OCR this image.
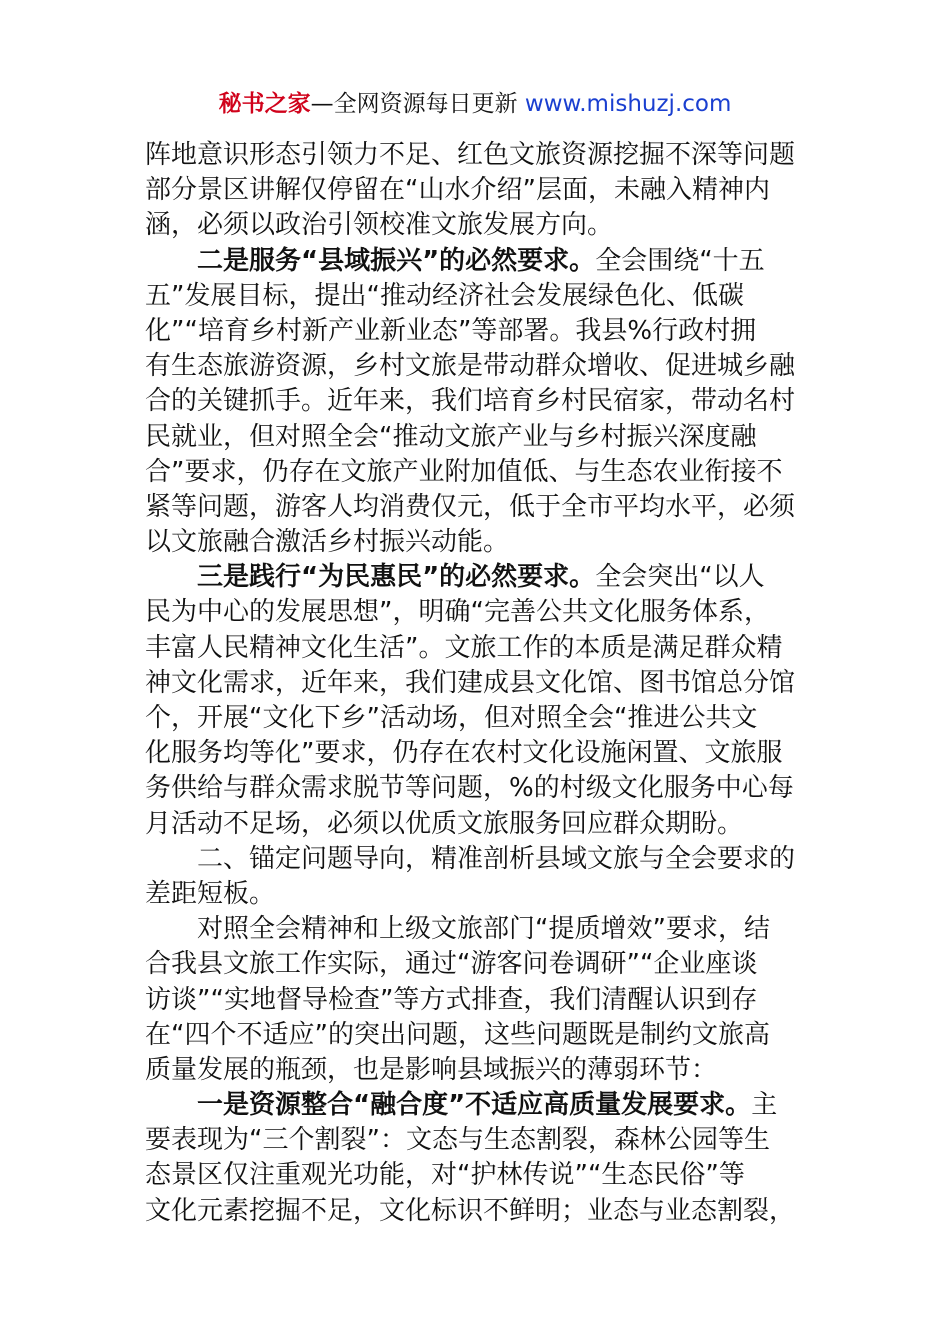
秘书之家—全网资源每日更新 www.mishuzj.com
阵地意识形态引领力不足、红色文旅资源挖掘不深等问题
部分景区讲解仅停留在“山水介绍”层面，未融入精神内
涵，必须以政治引领校准文旅发展方向。
　　二是服务“县域振兴”的必然要求。全会围绕“十五
五”发展目标，提出“推动经济社会发展绿色化、低碳
化”“培育乡村新产业新业态”等部署。我县%行政村拥
有生态旅游资源，乡村文旅是带动群众增收、促进城乡融
合的关键抓手。近年来，我们培育乡村民宿家，带动名村
民就业，但对照全会“推动文旅产业与乡村振兴深度融
合”要求，仍存在文旅产业附加值低、与生态农业衔接不
紧等问题，游客人均消费仅元，低于全市平均水平，必须
以文旅融合激活乡村振兴动能。
　　三是践行“为民惠民”的必然要求。全会突出“以人
民为中心的发展思想”，明确“完善公共文化服务体系，
丰富人民精神文化生活”。文旅工作的本质是满足群众精
神文化需求，近年来，我们建成县文化馆、图书馆总分馆
个，开展“文化下乡”活动场，但对照全会“推进公共文
化服务均等化”要求，仍存在农村文化设施闲置、文旅服
务供给与群众需求脱节等问题，%的村级文化服务中心每
月活动不足场，必须以优质文旅服务回应群众期盼。
　　二、锚定问题导向，精准剖析县域文旅与全会要求的
差距短板。
　　对照全会精神和上级文旅部门“提质增效”要求，结
合我县文旅工作实际，通过“游客问卷调研”“企业座谈
访谈”“实地督导检查”等方式排查，我们清醒认识到存
在“四个不适应”的突出问题，这些问题既是制约文旅高
质量发展的瓶颈，也是影响县域振兴的薄弱环节：
　　一是资源整合“融合度”不适应高质量发展要求。主
要表现为“三个割裂”：文态与生态割裂，森林公园等生
态景区仅注重观光功能，对“护林传说”“生态民俗”等
文化元素挖掘不足，文化标识不鲜明；业态与业态割裂，
